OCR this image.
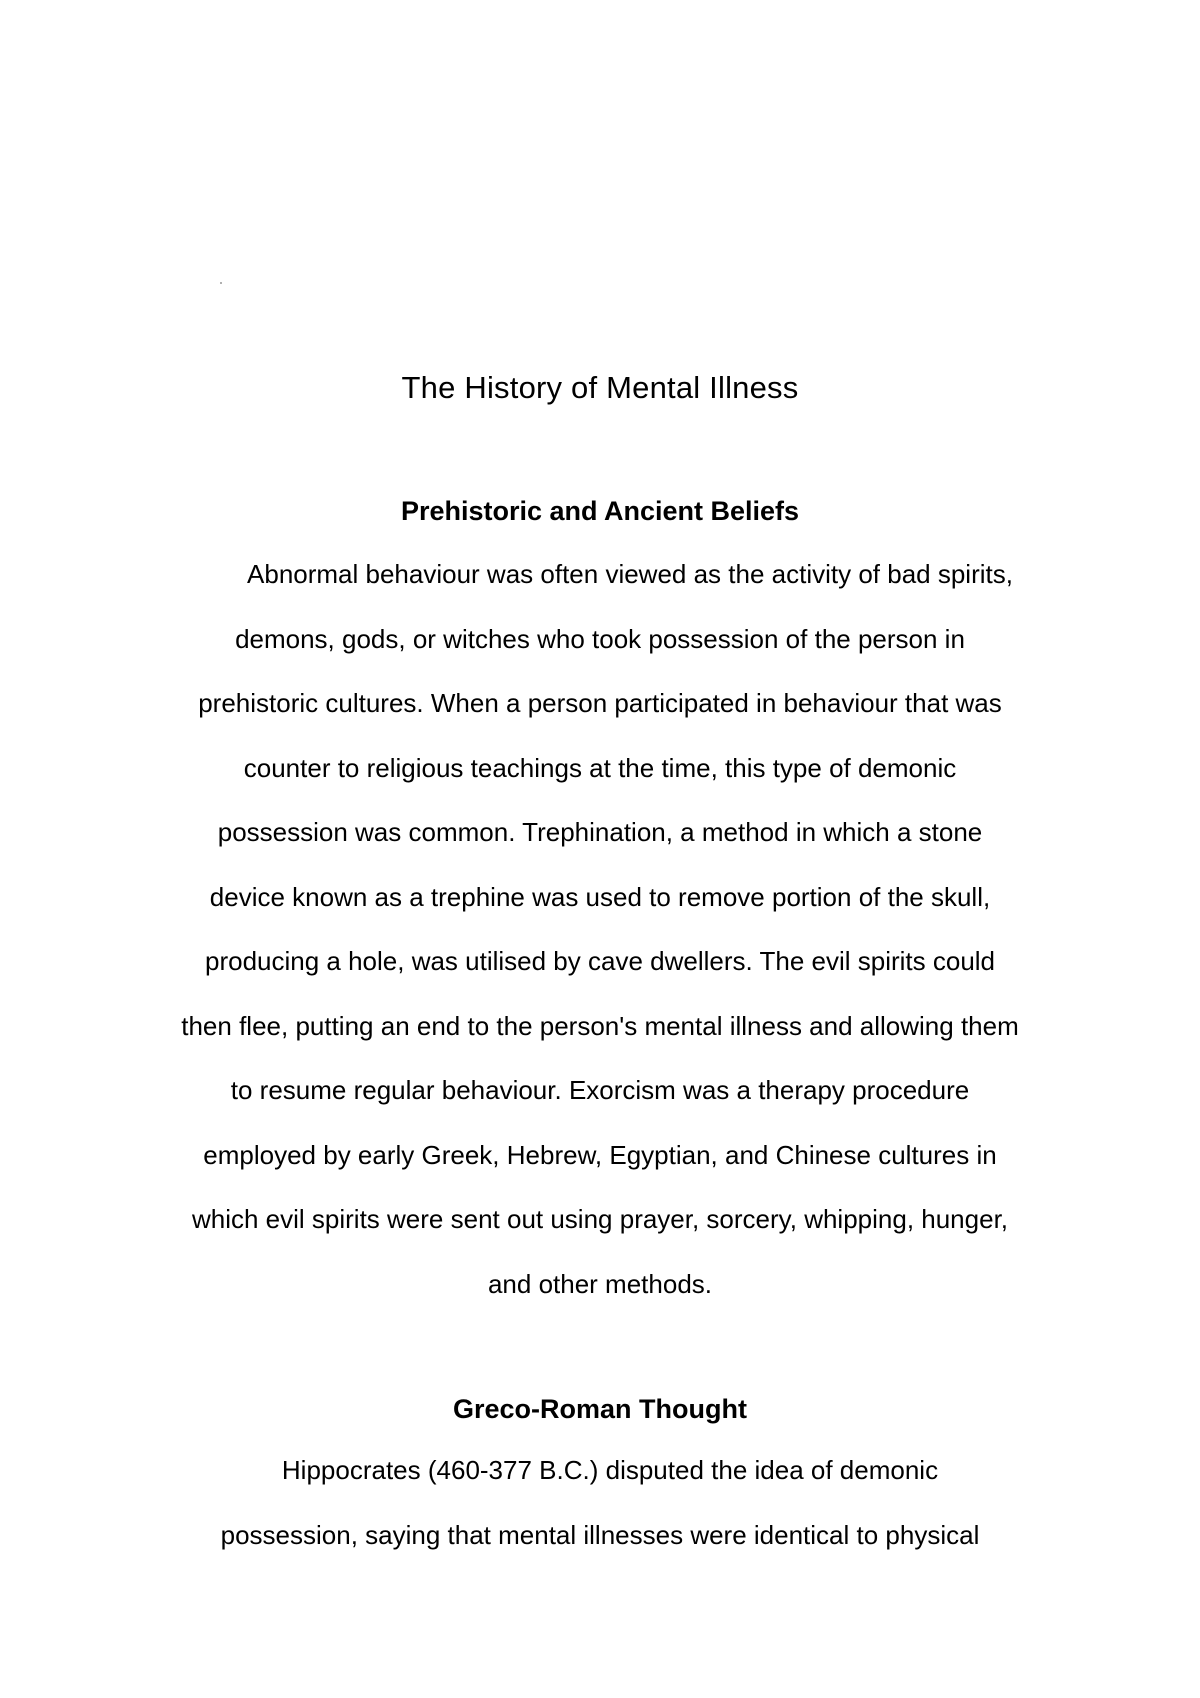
The History of Mental Illness
Prehistoric and Ancient Beliefs
Abnormal behaviour was often viewed as the activity of bad spirits,
demons, gods, or witches who took possession of the person in
prehistoric cultures. When a person participated in behaviour that was
counter to religious teachings at the time, this type of demonic
possession was common. Trephination, a method in which a stone
device known as a trephine was used to remove portion of the skull,
producing a hole, was utilised by cave dwellers. The evil spirits could
then flee, putting an end to the person's mental illness and allowing them
to resume regular behaviour. Exorcism was a therapy procedure
employed by early Greek, Hebrew, Egyptian, and Chinese cultures in
which evil spirits were sent out using prayer, sorcery, whipping, hunger,
and other methods.
Greco-Roman Thought
Hippocrates (460-377 B.C.) disputed the idea of demonic
possession, saying that mental illnesses were identical to physical
